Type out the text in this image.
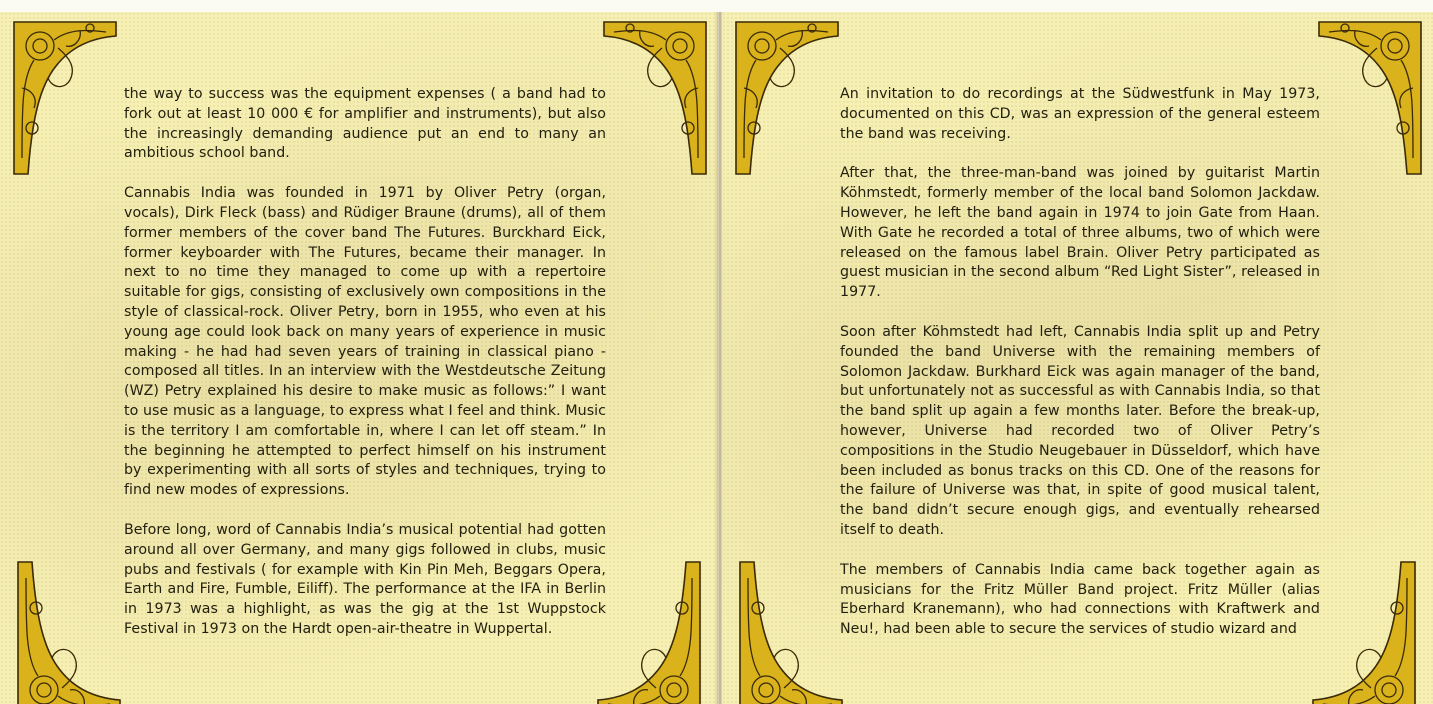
the way to success was the equipment expenses ( a band had to fork out at least 10 000 € for amplifier and instruments), but also the increasingly demanding audience put an end to many an ambitious school band.

Cannabis India was founded in 1971 by Oliver Petry (organ, vocals), Dirk Fleck (bass) and Rüdiger Braune (drums), all of them former members of the cover band The Futures. Burckhard Eick, former keyboarder with The Futures, became their manager. In next to no time they managed to come up with a repertoire suitable for gigs, consisting of exclusively own compositions in the style of classical-rock. Oliver Petry, born in 1955, who even at his young age could look back on many years of experience in music making - he had had seven years of training in classical piano - composed all titles. In an interview with the Westdeutsche Zeitung (WZ) Petry explained his desire to make music as follows:” I want to use music as a language, to express what I feel and think. Music is the territory I am comfortable in, where I can let off steam.” In the beginning he attempted to perfect himself on his instrument by experimenting with all sorts of styles and techniques, trying to find new modes of expressions.

Before long, word of Cannabis India’s musical potential had gotten around all over Germany, and many gigs followed in clubs, music pubs and festivals ( for example with Kin Pin Meh, Beggars Opera, Earth and Fire, Fumble, Eiliff). The performance at the IFA in Berlin in 1973 was a highlight, as was the gig at the 1st Wuppstock Festival in 1973 on the Hardt open-air-theatre in Wuppertal.

An invitation to do recordings at the Südwestfunk in May 1973, documented on this CD, was an expression of the general esteem the band was receiving.

After that, the three-man-band was joined by guitarist Martin Köhmstedt, formerly member of the local band Solomon Jackdaw. However, he left the band again in 1974 to join Gate from Haan. With Gate he recorded a total of three albums, two of which were released on the famous label Brain. Oliver Petry participated as guest musician in the second album “Red Light Sister”, released in 1977.

Soon after Köhmstedt had left, Cannabis India split up and Petry founded the band Universe with the remaining members of Solomon Jackdaw. Burkhard Eick was again manager of the band, but unfortunately not as successful as with Cannabis India, so that the band split up again a few months later. Before the break-up, however, Universe had recorded two of Oliver Petry’s compositions in the Studio Neugebauer in Düsseldorf, which have been included as bonus tracks on this CD. One of the reasons for the failure of Universe was that, in spite of good musical talent, the band didn’t secure enough gigs, and eventually rehearsed itself to death.

The members of Cannabis India came back together again as musicians for the Fritz Müller Band project. Fritz Müller (alias Eberhard Kranemann), who had connections with Kraftwerk and Neu!, had been able to secure the services of studio wizard and
